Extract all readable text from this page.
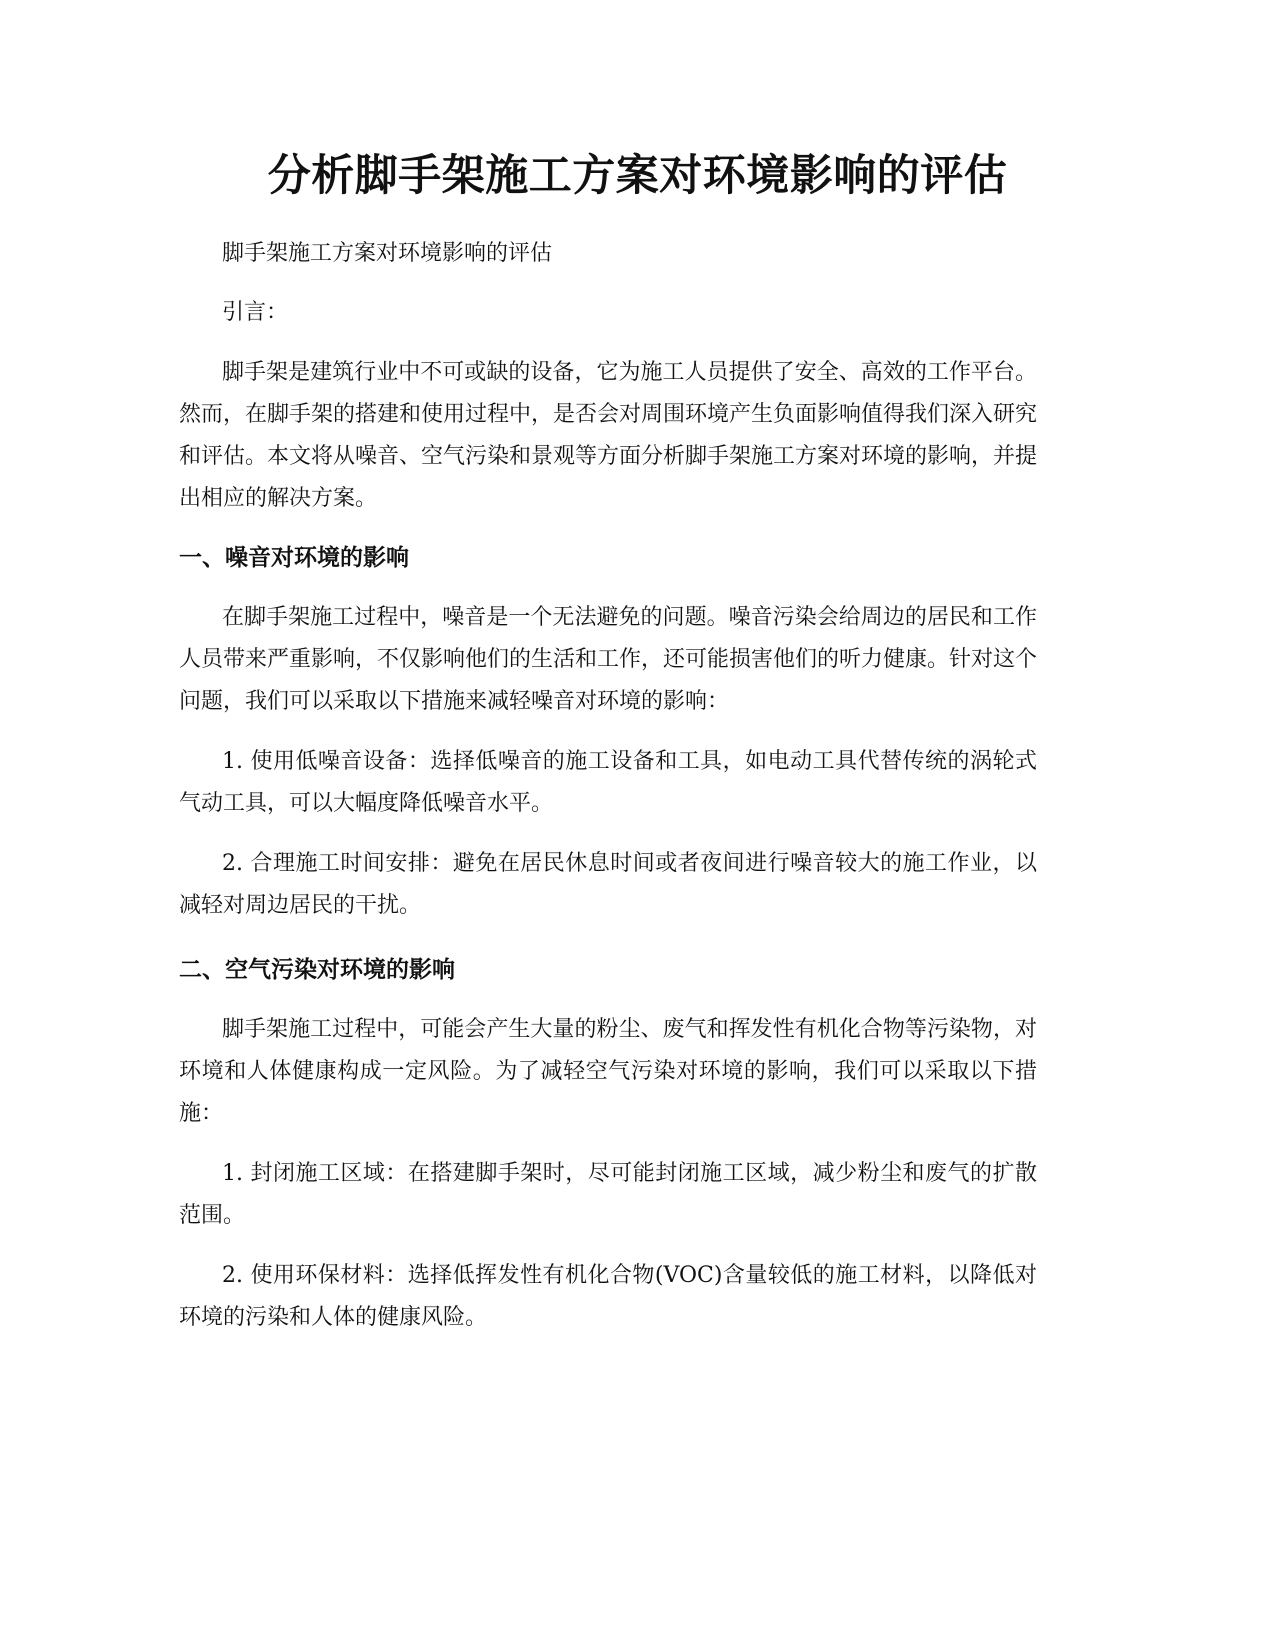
分析脚手架施工方案对环境影响的评估

脚手架施工方案对环境影响的评估

引言：

脚手架是建筑行业中不可或缺的设备，它为施工人员提供了安全、高效的工作平台。然而，在脚手架的搭建和使用过程中，是否会对周围环境产生负面影响值得我们深入研究和评估。本文将从噪音、空气污染和景观等方面分析脚手架施工方案对环境的影响，并提出相应的解决方案。

一、噪音对环境的影响

在脚手架施工过程中，噪音是一个无法避免的问题。噪音污染会给周边的居民和工作人员带来严重影响，不仅影响他们的生活和工作，还可能损害他们的听力健康。针对这个问题，我们可以采取以下措施来减轻噪音对环境的影响：

1. 使用低噪音设备：选择低噪音的施工设备和工具，如电动工具代替传统的涡轮式气动工具，可以大幅度降低噪音水平。

2. 合理施工时间安排：避免在居民休息时间或者夜间进行噪音较大的施工作业，以减轻对周边居民的干扰。

二、空气污染对环境的影响

脚手架施工过程中，可能会产生大量的粉尘、废气和挥发性有机化合物等污染物，对环境和人体健康构成一定风险。为了减轻空气污染对环境的影响，我们可以采取以下措施：

1. 封闭施工区域：在搭建脚手架时，尽可能封闭施工区域，减少粉尘和废气的扩散范围。

2. 使用环保材料：选择低挥发性有机化合物(VOC)含量较低的施工材料，以降低对环境的污染和人体的健康风险。
